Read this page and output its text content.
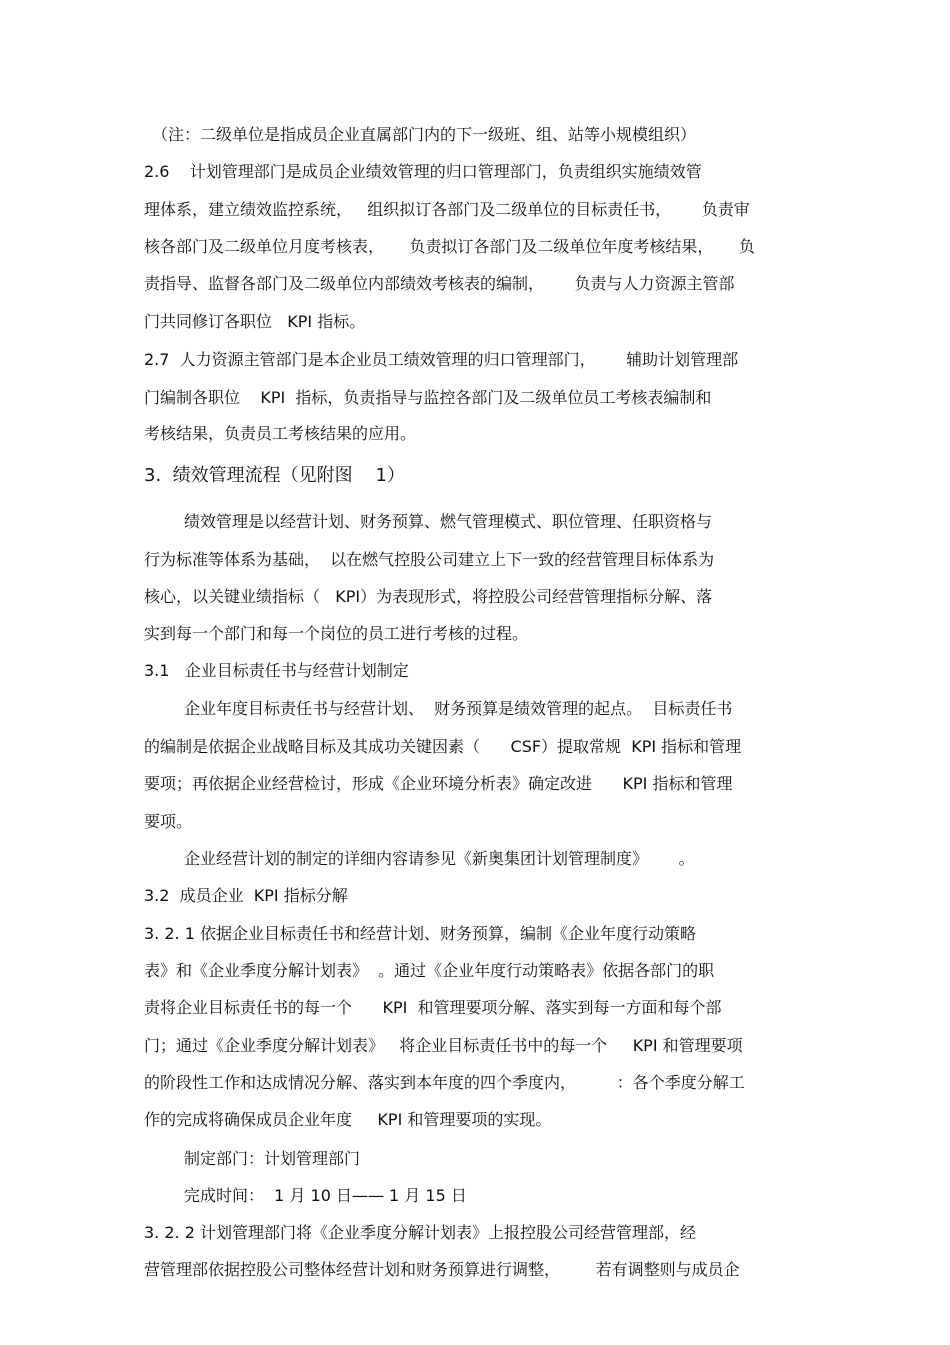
（注：二级单位是指成员企业直属部门内的下一级班、组、站等小规模组织）
2.6    计划管理部门是成员企业绩效管理的归口管理部门，负责组织实施绩效管
理体系，建立绩效监控系统，   组织拟订各部门及二级单位的目标责任书，      负责审
核各部门及二级单位月度考核表，     负责拟订各部门及二级单位年度考核结果，     负
责指导、监督各部门及二级单位内部绩效考核表的编制，      负责与人力资源主管部
门共同修订各职位   KPI 指标。
2.7  人力资源主管部门是本企业员工绩效管理的归口管理部门，      辅助计划管理部
门编制各职位    KPI  指标，负责指导与监控各部门及二级单位员工考核表编制和
考核结果，负责员工考核结果的应用。
3.  绩效管理流程（见附图    1）
绩效管理是以经营计划、财务预算、燃气管理模式、职位管理、任职资格与
行为标准等体系为基础，  以在燃气控股公司建立上下一致的经营管理目标体系为
核心，以关键业绩指标（   KPI）为表现形式，将控股公司经营管理指标分解、落
实到每一个部门和每一个岗位的员工进行考核的过程。
3.1   企业目标责任书与经营计划制定
企业年度目标责任书与经营计划、  财务预算是绩效管理的起点。  目标责任书
的编制是依据企业战略目标及其成功关键因素（      CSF）提取常规  KPI 指标和管理
要项；再依据企业经营检讨，形成《企业环境分析表》确定改进      KPI 指标和管理
要项。
企业经营计划的制定的详细内容请参见《新奥集团计划管理制度》      。
3.2  成员企业  KPI 指标分解
3. 2. 1 依据企业目标责任书和经营计划、财务预算，编制《企业年度行动策略
表》和《企业季度分解计划表》  。通过《企业年度行动策略表》依据各部门的职
责将企业目标责任书的每一个      KPI  和管理要项分解、落实到每一方面和每个部
门；通过《企业季度分解计划表》   将企业目标责任书中的每一个     KPI 和管理要项
的阶段性工作和达成情况分解、落实到本年度的四个季度内，        ：各个季度分解工
作的完成将确保成员企业年度     KPI 和管理要项的实现。
制定部门：计划管理部门
完成时间：  1 月 10 日—— 1 月 15 日
3. 2. 2 计划管理部门将《企业季度分解计划表》上报控股公司经营管理部，经
营管理部依据控股公司整体经营计划和财务预算进行调整，       若有调整则与成员企
